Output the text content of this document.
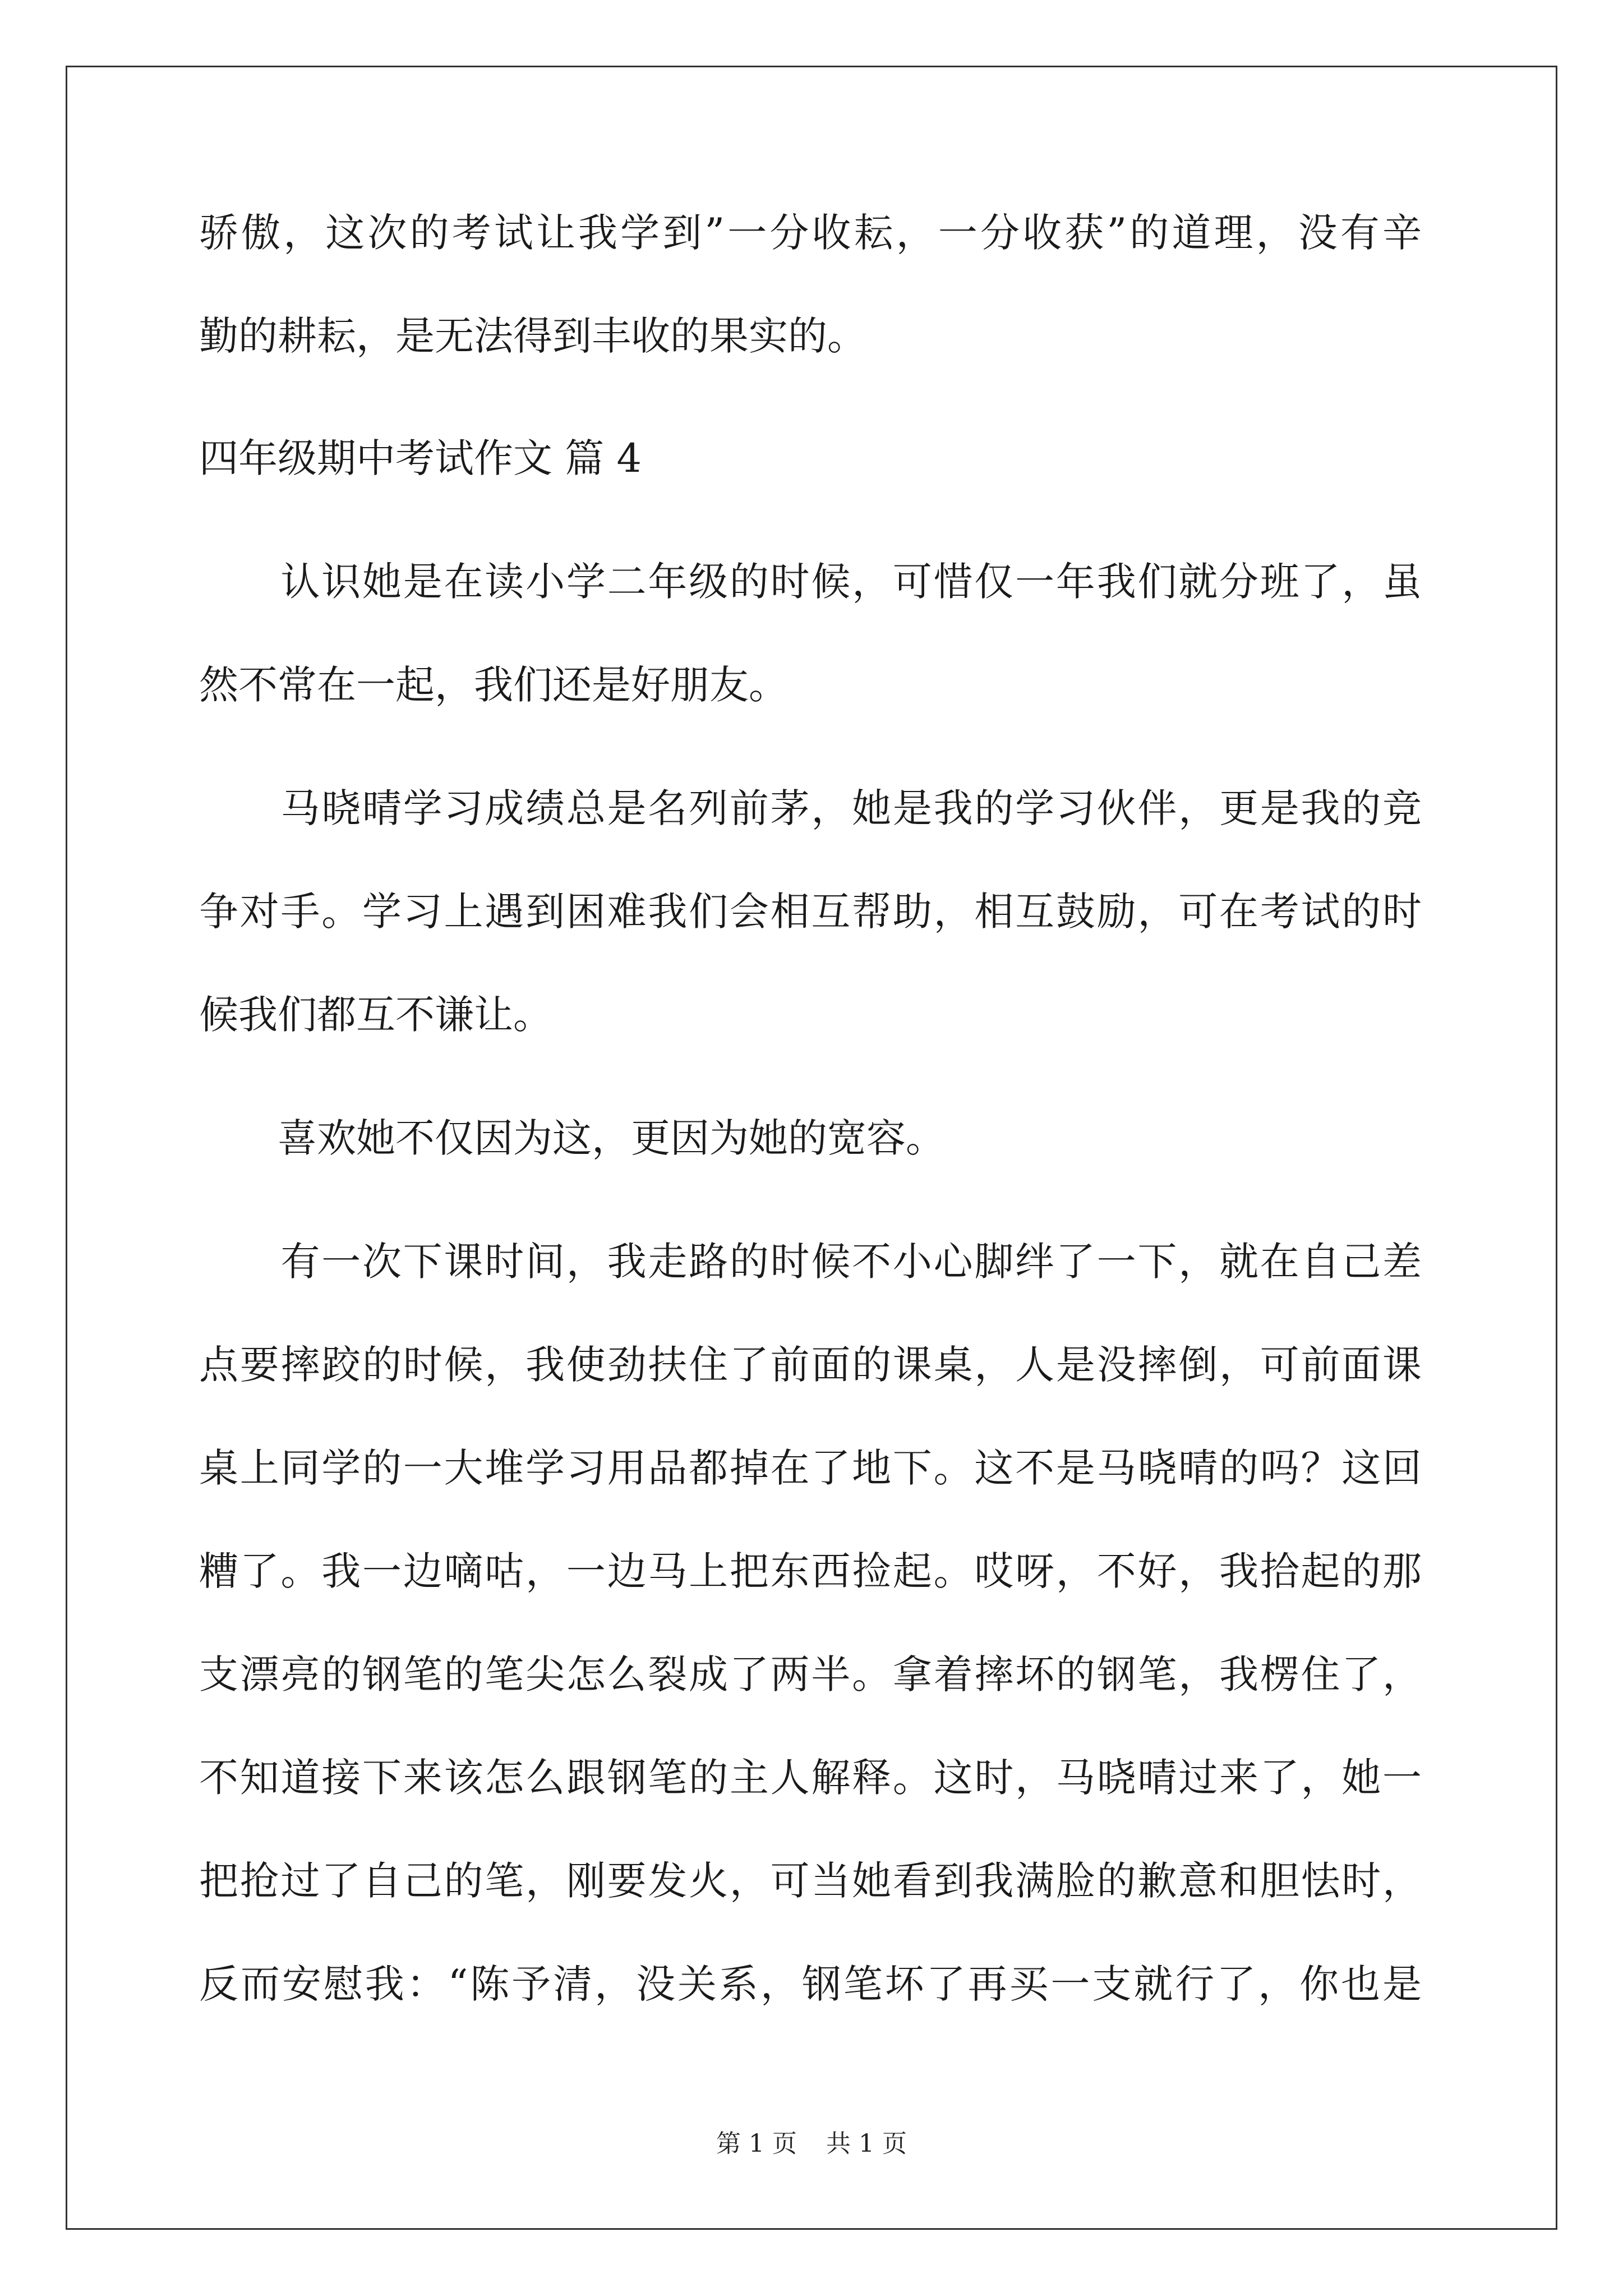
骄傲，这次的考试让我学到”一分收耘，一分收获”的道理，没有辛
勤的耕耘，是无法得到丰收的果实的。
四年级期中考试作文 篇 4
　　认识她是在读小学二年级的时候，可惜仅一年我们就分班了，虽
然不常在一起，我们还是好朋友。
　　马晓晴学习成绩总是名列前茅，她是我的学习伙伴，更是我的竞
争对手。学习上遇到困难我们会相互帮助，相互鼓励，可在考试的时
候我们都互不谦让。
　　喜欢她不仅因为这，更因为她的宽容。
　　有一次下课时间，我走路的时候不小心脚绊了一下，就在自己差
点要摔跤的时候，我使劲扶住了前面的课桌，人是没摔倒，可前面课
桌上同学的一大堆学习用品都掉在了地下。这不是马晓晴的吗？这回
糟了。我一边嘀咕，一边马上把东西捡起。哎呀，不好，我拾起的那
支漂亮的钢笔的笔尖怎么裂成了两半。拿着摔坏的钢笔，我楞住了，
不知道接下来该怎么跟钢笔的主人解释。这时，马晓晴过来了，她一
把抢过了自己的笔，刚要发火，可当她看到我满脸的歉意和胆怯时，
反而安慰我：“陈予清，没关系，钢笔坏了再买一支就行了，你也是
第 1 页 共 1 页
